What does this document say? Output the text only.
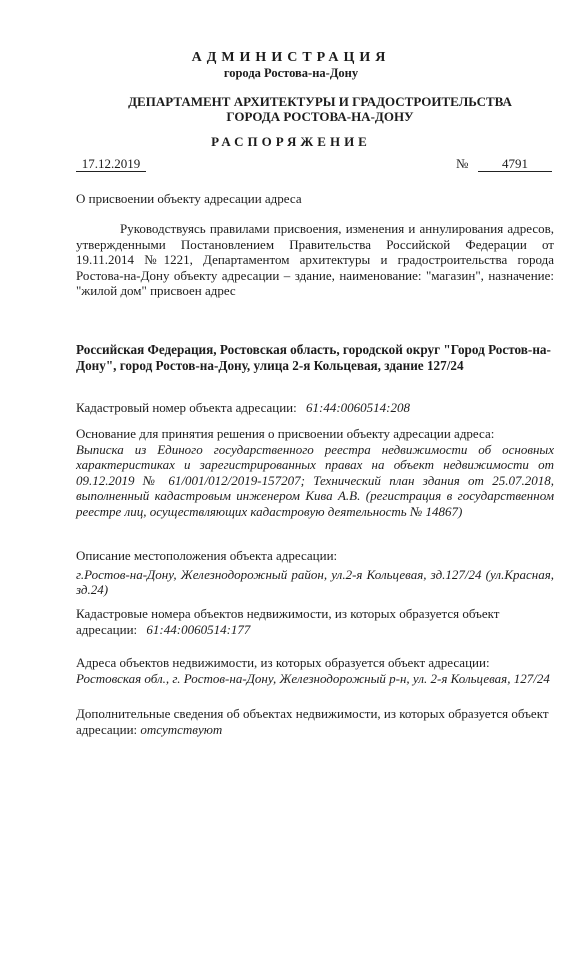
АДМИНИСТРАЦИЯ
города Ростова-на-Дону
ДЕПАРТАМЕНТ АРХИТЕКТУРЫ И ГРАДОСТРОИТЕЛЬСТВА
ГОРОДА РОСТОВА-НА-ДОНУ
РАСПОРЯЖЕНИЕ
17.12.2019	№	4791
О присвоении объекту адресации адреса
Руководствуясь правилами присвоения, изменения и аннулирования адресов, утвержденными Постановлением Правительства Российской Федерации от 19.11.2014 №1221, Департаментом архитектуры и градостроительства города Ростова-на-Дону объекту адресации – здание, наименование: "магазин", назначение: "жилой дом" присвоен адрес
Российская Федерация, Ростовская область, городской округ "Город Ростов-на-Дону", город Ростов-на-Дону, улица 2-я Кольцевая, здание 127/24
Кадастровый номер объекта адресации: 61:44:0060514:208
Основание для принятия решения о присвоении объекту адресации адреса:
Выписка из Единого государственного реестра недвижимости об основных характеристиках и зарегистрированных правах на объект недвижимости от 09.12.2019 № 61/001/012/2019-157207; Технический план здания от 25.07.2018, выполненный кадастровым инженером Кива А.В. (регистрация в государственном реестре лиц, осуществляющих кадастровую деятельность № 14867)
Описание местоположения объекта адресации:
г.Ростов-на-Дону, Железнодорожный район, ул.2-я Кольцевая, зд.127/24 (ул.Красная, зд.24)
Кадастровые номера объектов недвижимости, из которых образуется объект адресации: 61:44:0060514:177
Адреса объектов недвижимости, из которых образуется объект адресации:
Ростовская обл., г. Ростов-на-Дону, Железнодорожный р-н, ул. 2-я Кольцевая, 127/24
Дополнительные сведения об объектах недвижимости, из которых образуется объект адресации: отсутствуют
